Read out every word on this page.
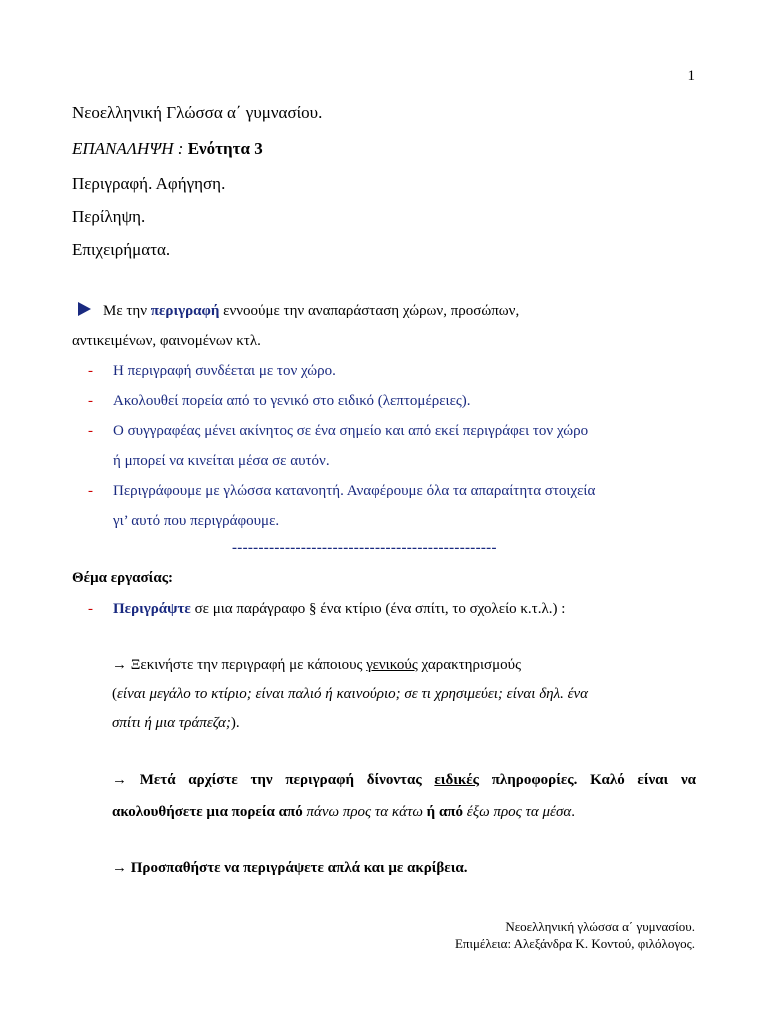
1
Νεοελληνική Γλώσσα α΄ γυμνασίου.
ΕΠΑΝΑΛΗΨΗ : Ενότητα 3
Περιγραφή. Αφήγηση.
Περίληψη.
Επιχειρήματα.
Με την περιγραφή εννοούμε την αναπαράσταση χώρων, προσώπων,
αντικειμένων, φαινομένων κτλ.
- Η περιγραφή συνδέεται με τον χώρο.
- Ακολουθεί πορεία από το γενικό στο ειδικό (λεπτομέρειες).
- Ο συγγραφέας μένει ακίνητος σε ένα σημείο και από εκεί περιγράφει τον χώρο
ή μπορεί να κινείται μέσα σε αυτόν.
- Περιγράφουμε με γλώσσα κατανοητή. Αναφέρουμε όλα τα απαραίτητα στοιχεία
γι’ αυτό που περιγράφουμε.
--------------------------------------------------
Θέμα εργασίας:
- Περιγράψτε σε μια παράγραφο § ένα κτίριο (ένα σπίτι, το σχολείο κ.τ.λ.) :
→ Ξεκινήστε την περιγραφή με κάποιους γενικούς χαρακτηρισμούς
(είναι μεγάλο το κτίριο; είναι παλιό ή καινούριο; σε τι χρησιμεύει; είναι δηλ. ένα
σπίτι ή μια τράπεζα;).
→ Μετά αρχίστε την περιγραφή δίνοντας ειδικές πληροφορίες. Καλό είναι να
ακολουθήσετε μια πορεία από πάνω προς τα κάτω ή από έξω προς τα μέσα.
→ Προσπαθήστε να περιγράψετε απλά και με ακρίβεια.
Νεοελληνική γλώσσα α΄ γυμνασίου.
Επιμέλεια: Αλεξάνδρα Κ. Κοντού, φιλόλογος.
